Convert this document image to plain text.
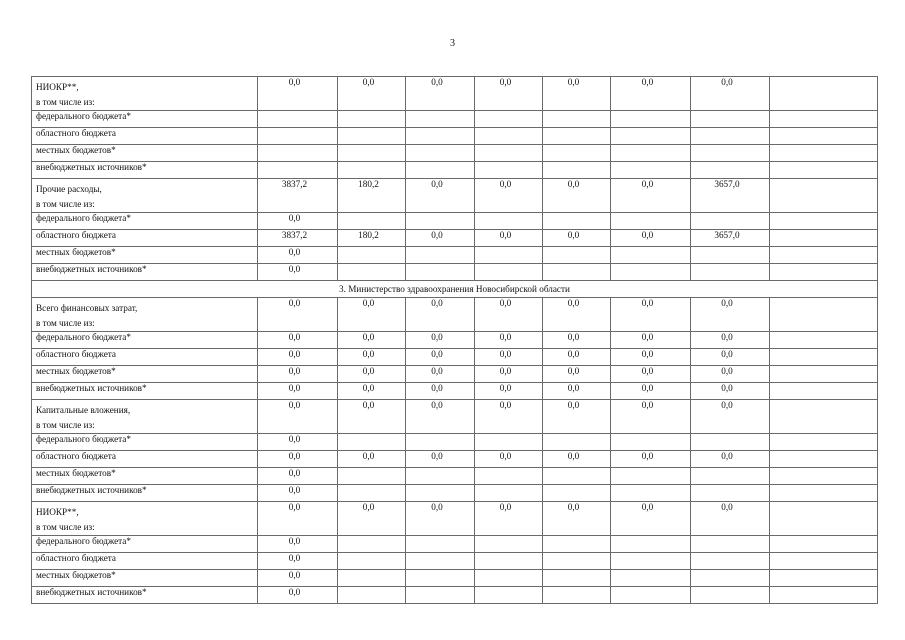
3
НИОКР**,
в том числе из:	0,0	0,0	0,0	0,0	0,0	0,0	0,0	
федерального бюджета*								
областного бюджета								
местных бюджетов*								
внебюджетных источников*								

Прочие расходы,
в том числе из:	3837,2	180,2	0,0	0,0	0,0	0,0	3657,0	
федерального бюджета*	0,0							
областного бюджета	3837,2	180,2	0,0	0,0	0,0	0,0	3657,0	
местных бюджетов*	0,0							
внебюджетных источников*	0,0							
3. Министерство здравоохранения Новосибирской области								

Всего финансовых затрат,
в том числе из:	0,0	0,0	0,0	0,0	0,0	0,0	0,0	
федерального бюджета*	0,0	0,0	0,0	0,0	0,0	0,0	0,0	
областного бюджета	0,0	0,0	0,0	0,0	0,0	0,0	0,0	
местных бюджетов*	0,0	0,0	0,0	0,0	0,0	0,0	0,0	
внебюджетных источников*	0,0	0,0	0,0	0,0	0,0	0,0	0,0	

Капитальные вложения,
в том числе из:	0,0	0,0	0,0	0,0	0,0	0,0	0,0	
федерального бюджета*	0,0							
областного бюджета	0,0	0,0	0,0	0,0	0,0	0,0	0,0	
местных бюджетов*	0,0							
внебюджетных источников*	0,0							

НИОКР**,
в том числе из:	0,0	0,0	0,0	0,0	0,0	0,0	0,0	
федерального бюджета*	0,0							
областного бюджета	0,0							
местных бюджетов*	0,0							
внебюджетных источников*	0,0							
